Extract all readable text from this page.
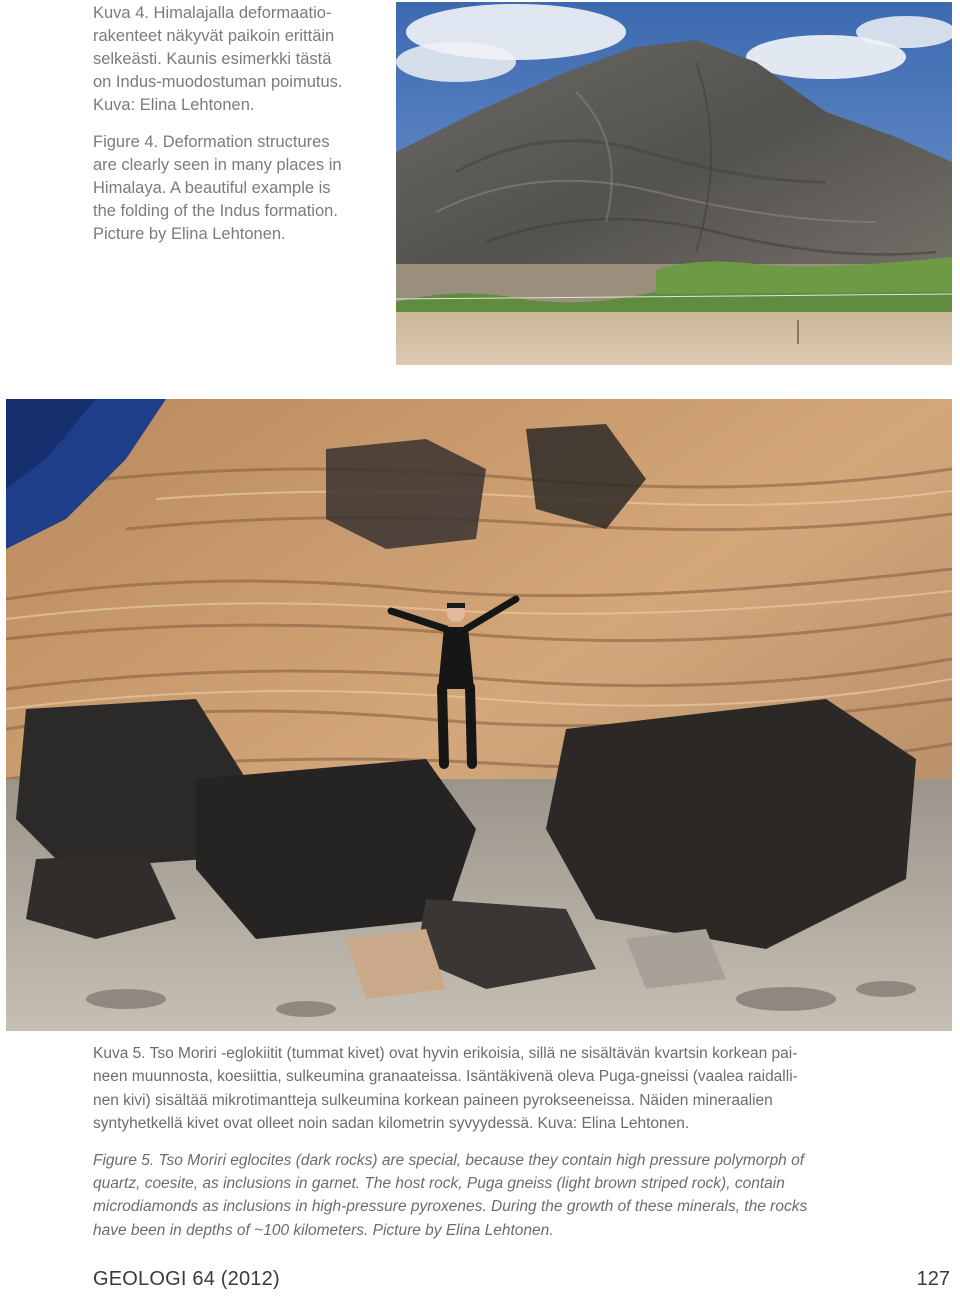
Kuva 4. Himalajalla deformaatio-
rakenteet näkyvät paikoin erittäin
selkeästi. Kaunis esimerkki tästä
on Indus-muodostuman poimutus.
Kuva: Elina Lehtonen.

Figure 4. Deformation structures
are clearly seen in many places in
Himalaya. A beautiful example is
the folding of the Indus formation.
Picture by Elina Lehtonen.

Kuva 5. Tso Moriri -eglokiitit (tummat kivet) ovat hyvin erikoisia, sillä ne sisältävän kvartsin korkean pai-
neen muunnosta, koesiittia, sulkeumina granaateissa. Isäntäkivenä oleva Puga-gneissi (vaalea raidalli-
nen kivi) sisältää mikrotimantteja sulkeumina korkean paineen pyrokseeneissa. Näiden mineraalien
syntyhetkellä kivet ovat olleet noin sadan kilometrin syvyydessä. Kuva: Elina Lehtonen.

Figure 5. Tso Moriri eglocites (dark rocks) are special, because they contain high pressure polymorph of
quartz, coesite, as inclusions in garnet. The host rock, Puga gneiss (light brown striped rock), contain
microdiamonds as inclusions in high-pressure pyroxenes. During the growth of these minerals, the rocks
have been in depths of ~100 kilometers. Picture by Elina Lehtonen.

GEOLOGI 64 (2012)	127
